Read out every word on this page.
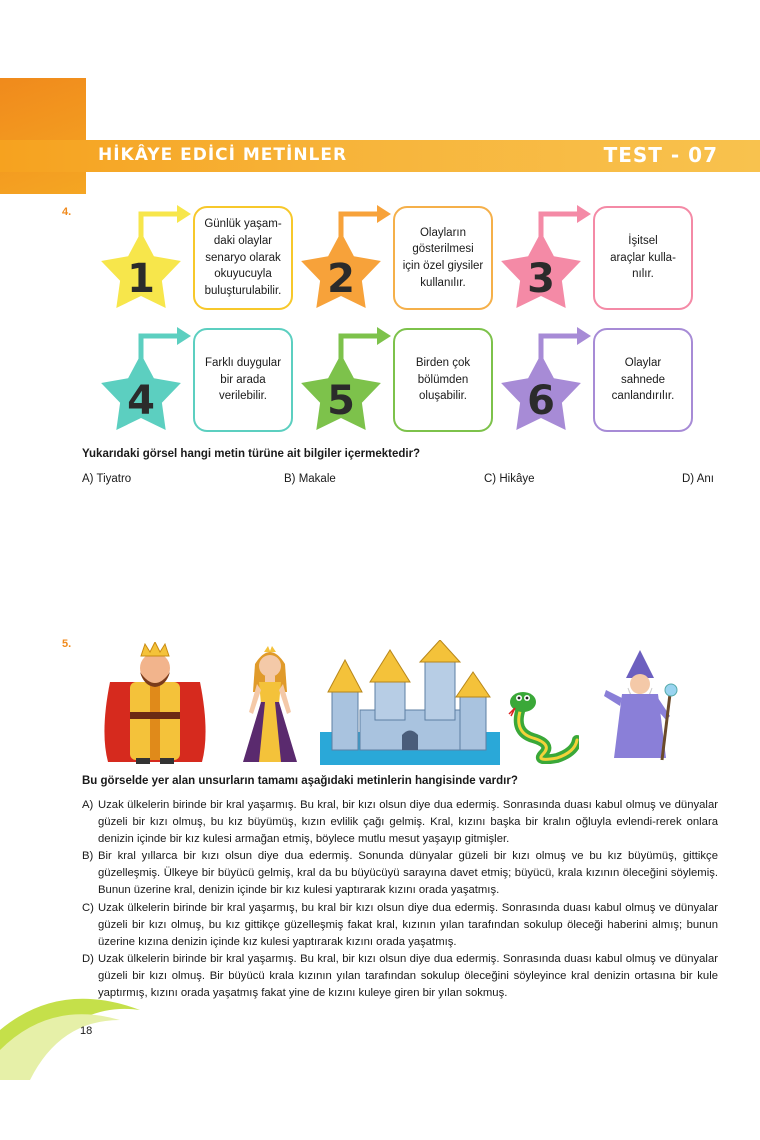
HİKÂYE EDİCİ METİNLER	TEST - 07
4.
1
Günlük yaşam-
daki olaylar
senaryo olarak
okuyucuyla
buluşturulabilir. 2
Olayların
gösterilmesi
için özel giysiler
kullanılır.	3
İşitsel
araçlar kulla-
nılır.
4
Farklı duygular
bir arada
verilebilir.	5
Birden çok
bölümden
oluşabilir. 6
Olaylar
sahnede
canlandırılır.
Yukarıdaki görsel hangi metin türüne ait bilgiler içermektedir?
A) Tiyatro	B) Makale	C) Hikâye	D) Anı
5.
Bu görselde yer alan unsurların tamamı aşağıdaki metinlerin hangisinde vardır?
A) Uzak ülkelerin birinde bir kral yaşarmış. Bu kral, bir kızı olsun diye dua edermiş. Sonrasında duası kabul olmuş ve dünyalar güzeli bir kızı olmuş, bu kız büyümüş, kızın evlilik çağı gelmiş. Kral, kızını başka bir kralın oğluyla evlendi-rerek onlara denizin içinde bir kız kulesi armağan etmiş, böylece mutlu mesut yaşayıp gitmişler.
B) Bir kral yıllarca bir kızı olsun diye dua edermiş. Sonunda dünyalar güzeli bir kızı olmuş ve bu kız büyümüş, gittikçe güzelleşmiş. Ülkeye bir büyücü gelmiş, kral da bu büyücüyü sarayına davet etmiş; büyücü, krala kızının öleceğini söylemiş. Bunun üzerine kral, denizin içinde bir kız kulesi yaptırarak kızını orada yaşatmış.
C) Uzak ülkelerin birinde bir kral yaşarmış, bu kral bir kızı olsun diye dua edermiş. Sonrasında duası kabul olmuş ve dünyalar güzeli bir kızı olmuş, bu kız gittikçe güzelleşmiş fakat kral, kızının yılan tarafından sokulup öleceği haberini almış; bunun üzerine kızına denizin içinde kız kulesi yaptırarak kızını orada yaşatmış.
D) Uzak ülkelerin birinde bir kral yaşarmış. Bu kral, bir kızı olsun diye dua edermiş. Sonrasında duası kabul olmuş ve dünyalar güzeli bir kızı olmuş. Bir büyücü krala kızının yılan tarafından sokulup öleceğini söyleyince kral denizin ortasına bir kule yaptırmış, kızını orada yaşatmış fakat yine de kızını kuleye giren bir yılan sokmuş.
18
